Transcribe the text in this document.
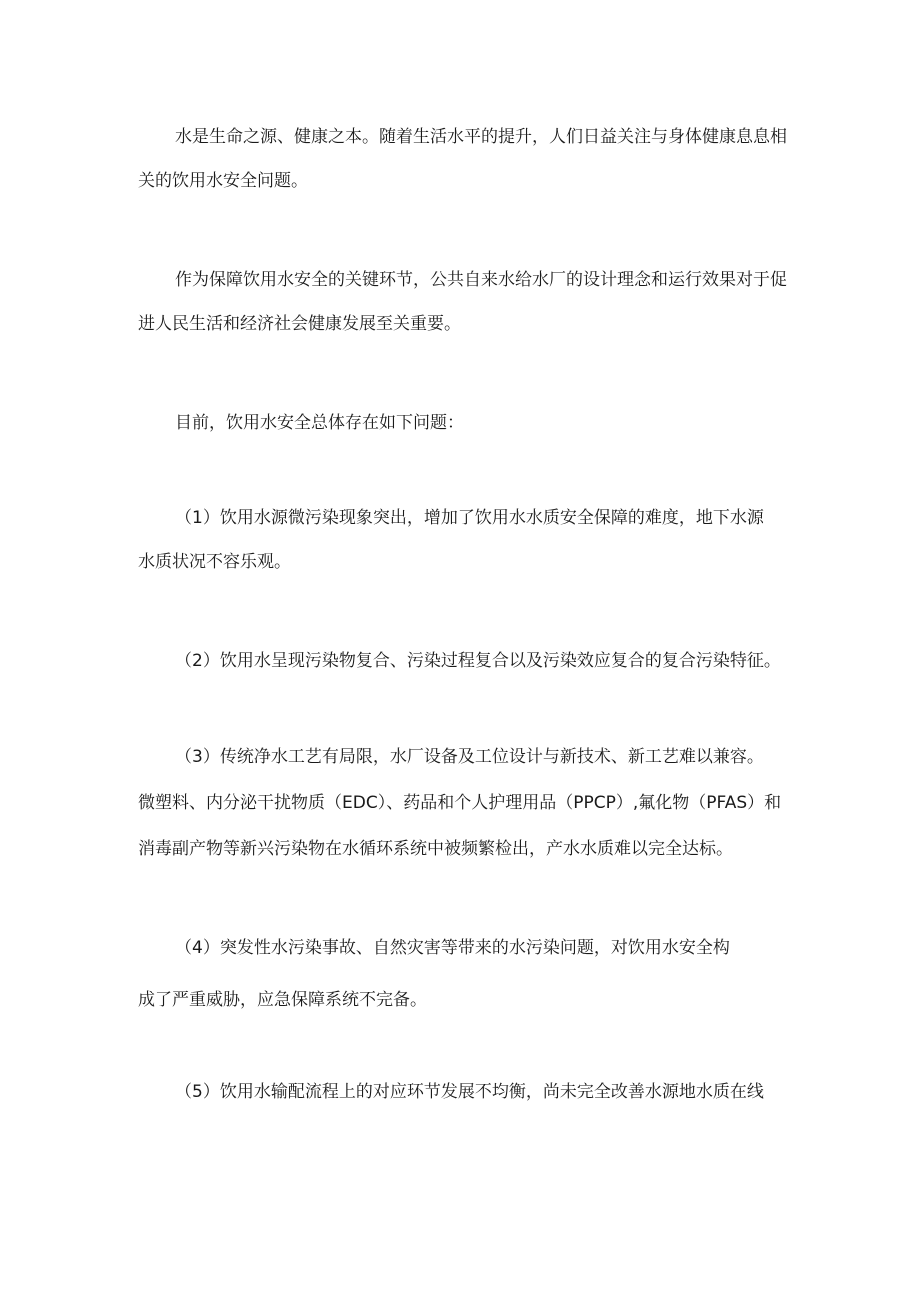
水是生命之源、健康之本。随着生活水平的提升，人们日益关注与身体健康息息相
关的饮用水安全问题。
作为保障饮用水安全的关键环节，公共自来水给水厂的设计理念和运行效果对于促
进人民生活和经济社会健康发展至关重要。
目前，饮用水安全总体存在如下问题：
（1）饮用水源微污染现象突出，增加了饮用水水质安全保障的难度，地下水源
水质状况不容乐观。
（2）饮用水呈现污染物复合、污染过程复合以及污染效应复合的复合污染特征。
（3）传统净水工艺有局限，水厂设备及工位设计与新技术、新工艺难以兼容。
微塑料、内分泌干扰物质（EDC）、药品和个人护理用品（PPCP）,氟化物（PFAS）和
消毒副产物等新兴污染物在水循环系统中被频繁检出，产水水质难以完全达标。
（4）突发性水污染事故、自然灾害等带来的水污染问题，对饮用水安全构
成了严重威胁，应急保障系统不完备。
（5）饮用水输配流程上的对应环节发展不均衡，尚未完全改善水源地水质在线
